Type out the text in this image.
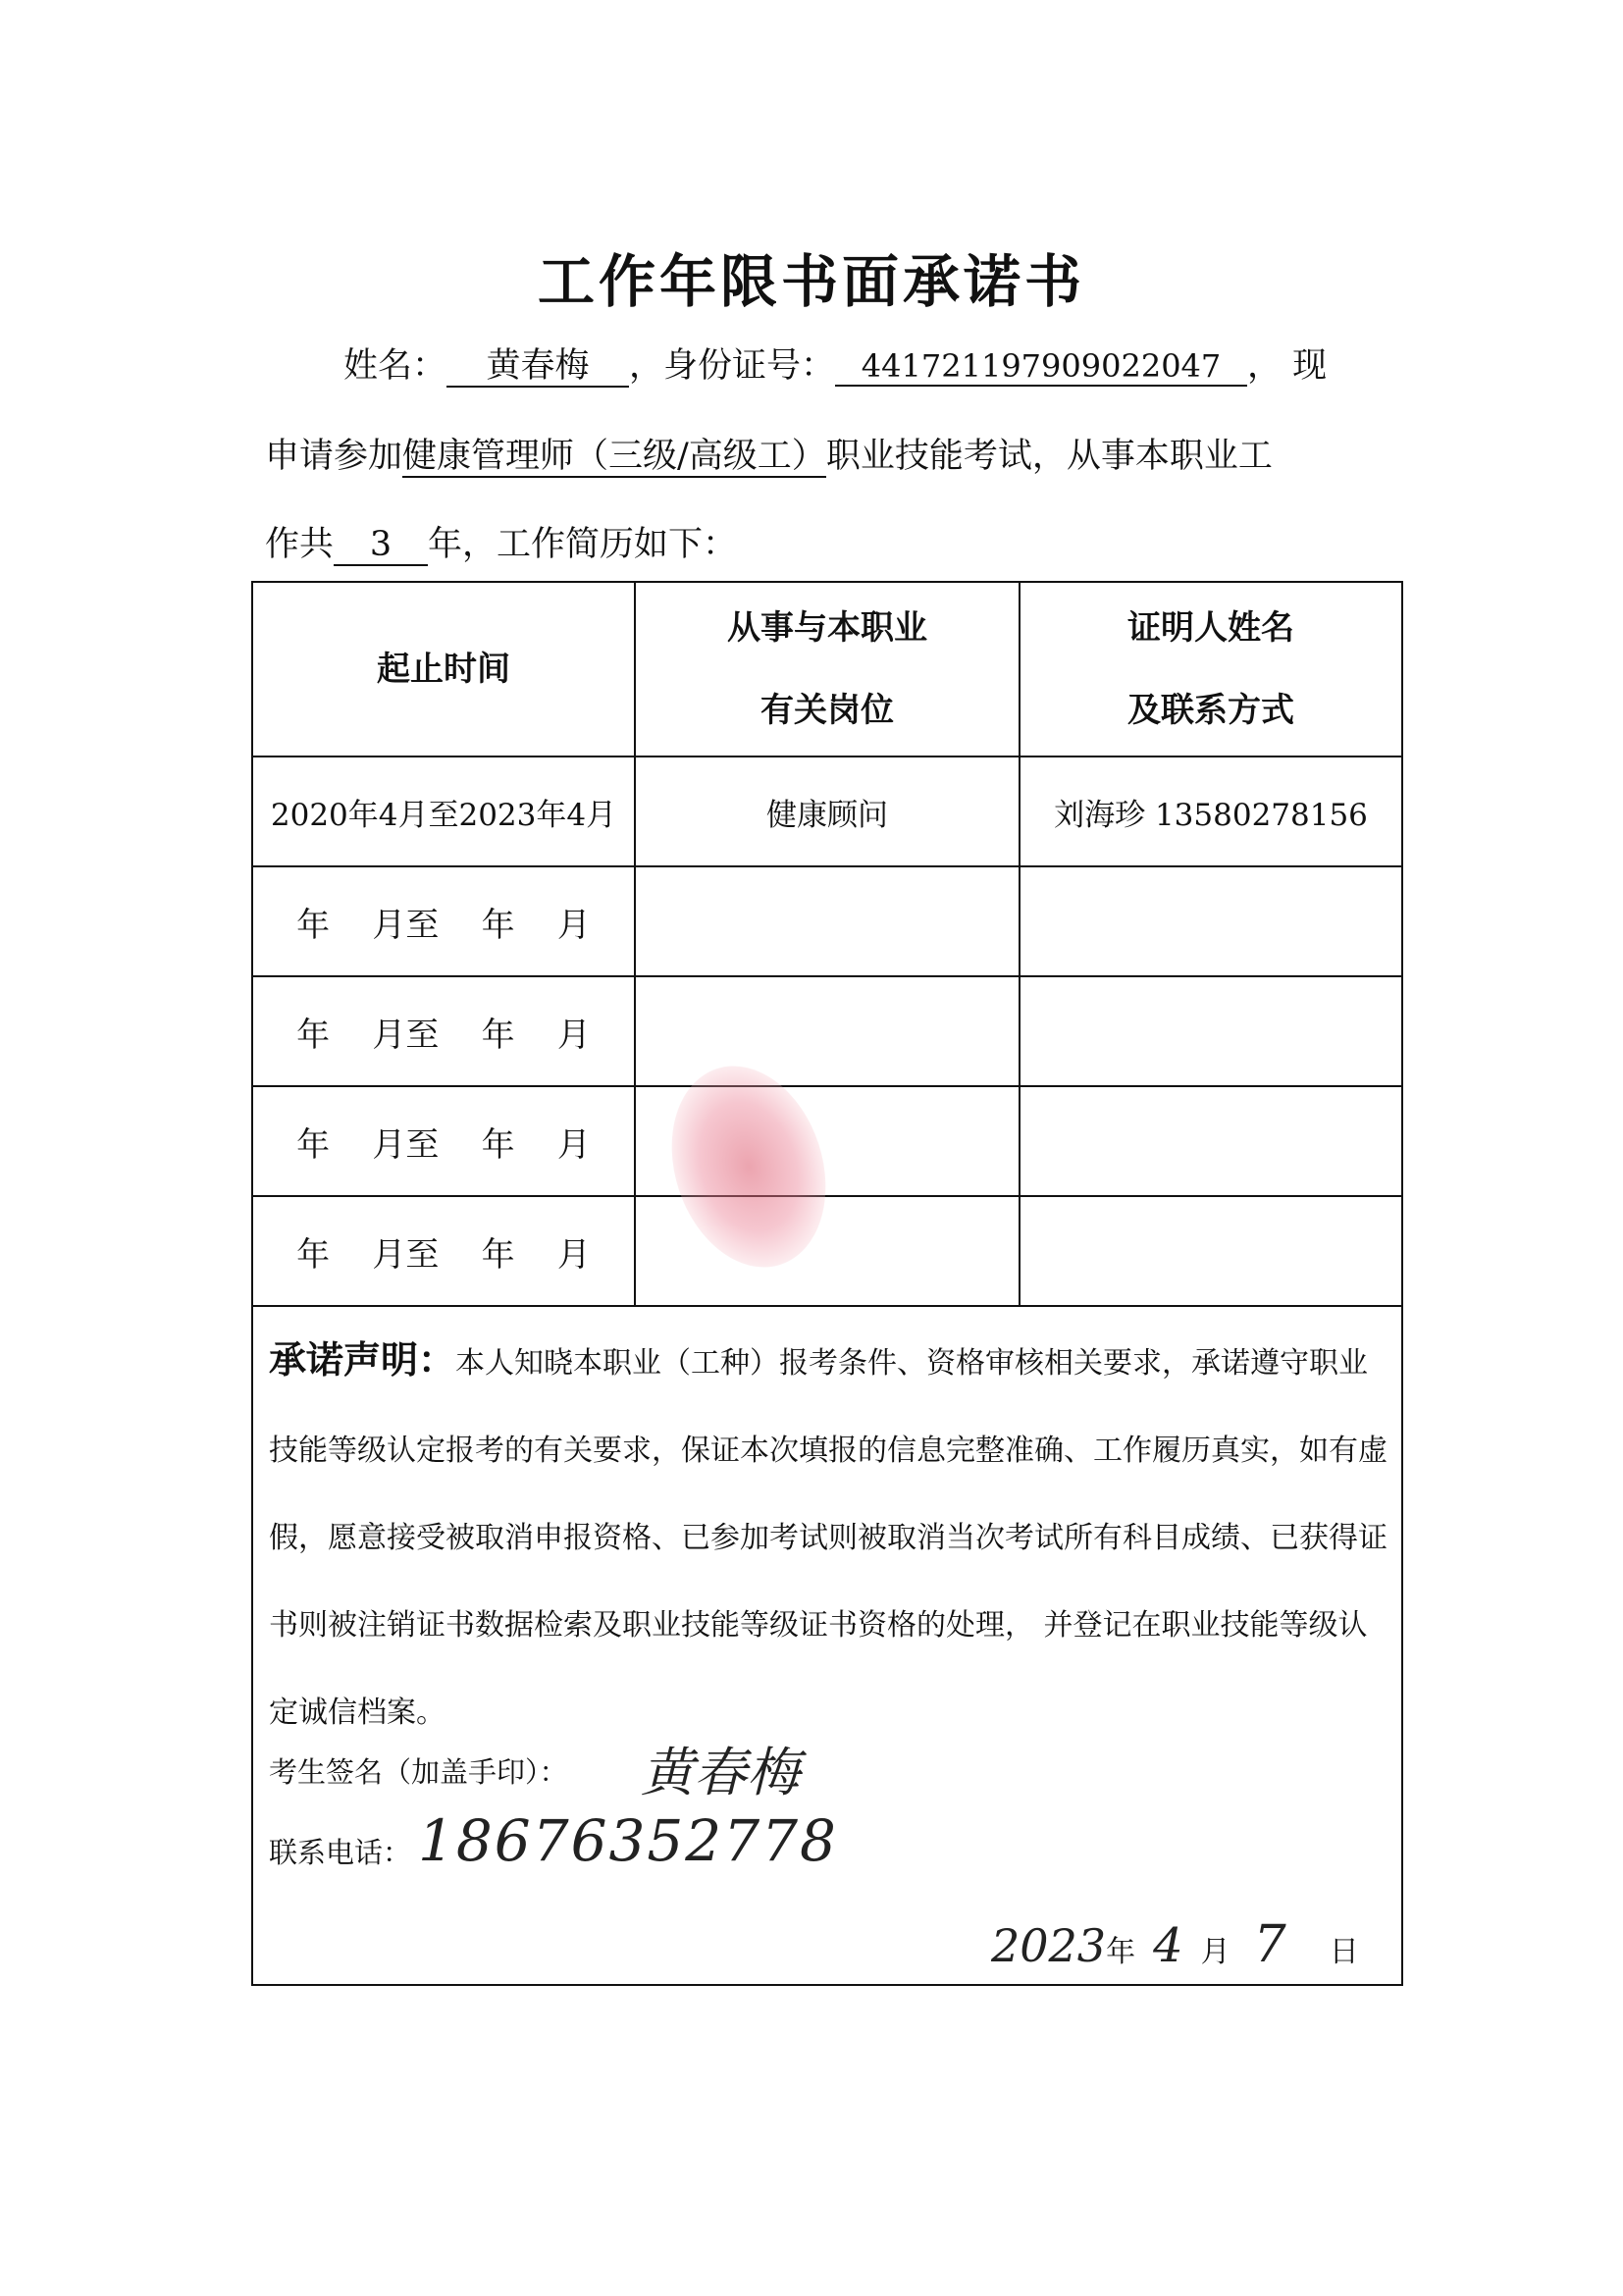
工作年限书面承诺书
姓名： 黄春梅 ，身份证号： 441721197909022047 ， 现
申请参加健康管理师（三级/高级工）职业技能考试，从事本职业工
作共 3 年，工作简历如下：
起止时间
从事与本职业
有关岗位
证明人姓名
及联系方式
2020年4月至2023年4月	健康顾问	刘海珍 13580278156
年    月至    年    月
年    月至    年    月
年    月至    年    月
年    月至    年    月
承诺声明：本人知晓本职业（工种）报考条件、资格审核相关要求，承诺遵守职业技能等级认定报考的有关要求，保证本次填报的信息完整准确、工作履历真实，如有虚假，愿意接受被取消申报资格、已参加考试则被取消当次考试所有科目成绩、已获得证书则被注销证书数据检索及职业技能等级证书资格的处理， 并登记在职业技能等级认定诚信档案。
考生签名（加盖手印）： 黄春梅
联系电话： 18676352778
2023年 4 月 7 日
